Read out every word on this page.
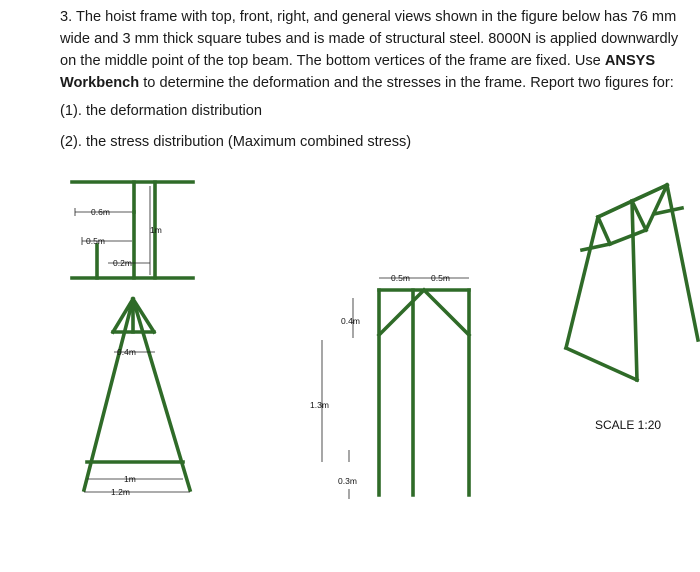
3. The hoist frame with top, front, right, and general views shown in the figure below has 76 mm wide and 3 mm thick square tubes and is made of structural steel. 8000N is applied downwardly on the middle point of the top beam. The bottom vertices of the frame are fixed. Use ANSYS Workbench to determine the deformation and the stresses in the frame. Report two figures for:

(1). the deformation distribution

(2). the stress distribution (Maximum combined stress)

0.6m
0.5m
0.2m
1m
0.4m
1m
1.2m
0.5m 0.5m
0.4m
1.3m
0.3m
SCALE 1:20
